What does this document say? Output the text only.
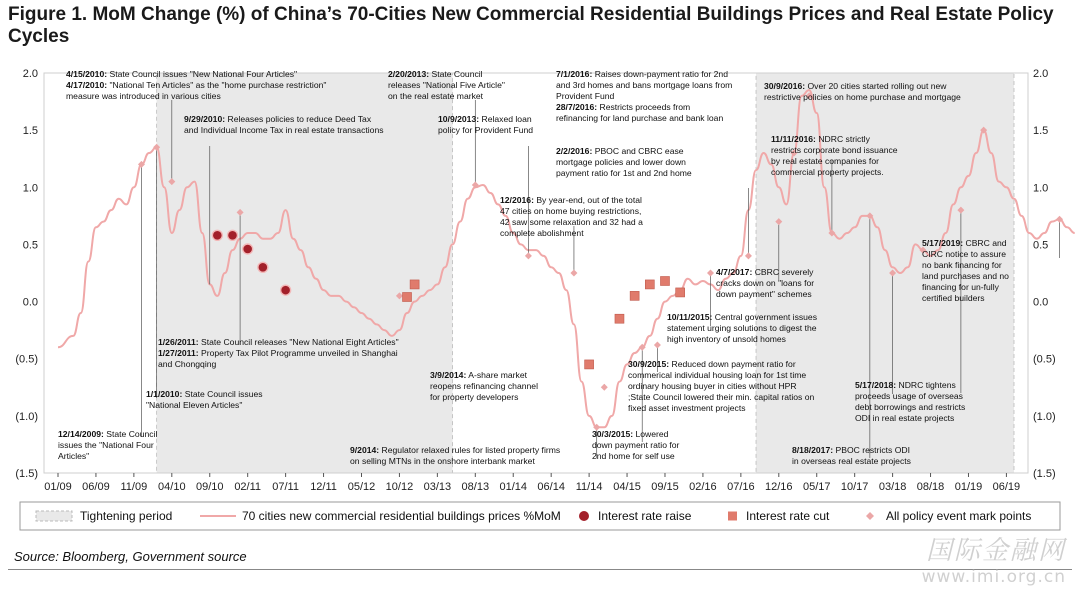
Figure 1. MoM Change (%) of China’s 70-Cities New Commercial Residential Buildings Prices and Real Estate Policy Cycles
2.0	2.0
1.5	1.5
1.0	1.0
0.5	0.5
0.0	0.0
(0.5)	(0.5)
(1.0)	(1.0)
(1.5)	(1.5)
01/09 06/09 11/09 04/10 09/10 02/11 07/11 12/11 05/12 10/12 03/13 08/13 01/14 06/14 11/14 04/15 09/15 02/16 07/16 12/16 05/17 10/17 03/18 08/18 01/19 06/19
4/15/2010: State Council issues "New National Four Articles" 4/17/2010: "National Ten Articles" as the "home purchase restriction" measure was introduced in various cities
9/29/2010: Releases policies to reduce Deed Tax and Individual Income Tax in real estate transactions
2/20/2013: State Council releases "National Five Article" on the real estate market
10/9/2013: Relaxed loan policy for Provident Fund
7/1/2016: Raises down-payment ratio for 2nd and 3rd homes and bans mortgage loans from Provident Fund 28/7/2016: Restricts proceeds from refinancing for land purchase and bank loan
30/9/2016: Over 20 cities started rolling out new restrictive policies on home purchase and mortgage
2/2/2016: PBOC and CBRC ease mortgage policies and lower down payment ratio for 1st and 2nd home
11/11/2016: NDRC strictly restricts corporate bond issuance by real estate companies for commercial property projects.
12/2016: By year-end, out of the total 47 cities on home buying restrictions, 42 saw some relaxation and 32 had a complete abolishment
5/17/2019: CBRC and CIRC notice to assure no bank financing for land purchases and no financing for un-fully certified builders
4/7/2017: CBRC severely cracks down on "loans for down payment" schemes
1/26/2011: State Council releases "New National Eight Articles" 1/27/2011: Property Tax Pilot Programme unveiled in Shanghai and Chongqing
10/11/2015: Central government issues statement urging solutions to digest the high inventory of unsold homes
1/1/2010: State Council issues "National Eleven Articles"
3/9/2014: A-share market reopens refinancing channel for property developers
30/9/2015: Reduced down payment ratio for commerical individual housing loan for 1st time ordinary housing buyer in cities without HPR ;State Council lowered their min. capital ratios on fixed asset investment projects
5/17/2018: NDRC tightens proceeds usage of overseas debt borrowings and restricts ODI in real estate projects
12/14/2009: State Council issues the "National Four Articles"
30/3/2015: Lowered down payment ratio for 2nd home for self use
8/18/2017: PBOC restricts ODI in overseas real estate projects
9/2014: Regulator relaxed rules for listed property firms on selling MTNs in the onshore interbank market
Tightening period	70 cities new commercial residential buildings prices %MoM	Interest rate raise	Interest rate cut	All policy event mark points

Source: Bloomberg, Government source	国际金融网
www.imi.org.cn
